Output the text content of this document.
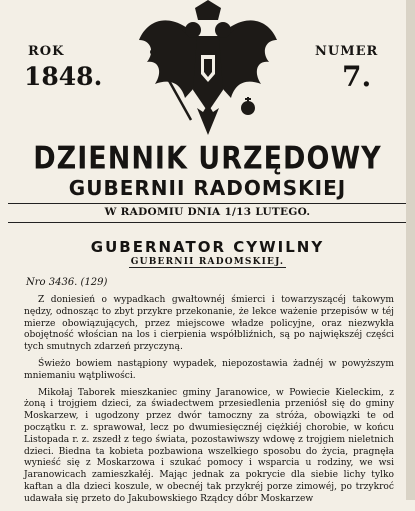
ROK
1848.
NUMER
7.
DZIENNIK URZĘDOWY
GUBERNII RADOMSKIEJ
W RADOMIU DNIA 1/13 LUTEGO.
GUBERNATOR CYWILNY
GUBERNII RADOMSKIEJ.
Nro 3436. (129)

Z doniesień o wypadkach gwałtownéj śmierci i towarzyszącéj takowym nędzy, odnosząc to zbyt przykre przekonanie, że lekce ważenie przepisów w téj mierze obowiązujących, przez miejscowe władze policyjne, oraz niezwykła obojętność włościan na los i cierpienia współbliźnich, są po największéj części tych smutnych zdarzeń przyczyną.

Świeżo bowiem nastąpiony wypadek, niepozostawia żadnéj w powyższym mniemaniu wątpliwości.

Mikołaj Taborek mieszkaniec gminy Jaranowice, w Powiecie Kieleckim, z żoną i trojgiem dzieci, za świadectwem przesiedlenia przeniósł się do gminy Moskarzew, i ugodzony przez dwór tamoczny za stróża, obowiązki te od początku r. z. sprawował, lecz po dwumiesięcznéj ciężkiéj chorobie, w końcu Listopada r. z. zszedł z tego świata, pozostawiwszy wdowę z trojgiem nieletnich dzieci. Biedna ta kobieta pozbawiona wszelkiego sposobu do życia, pragnęła wynieść się z Moskarzowa i szukać pomocy i wsparcia u rodziny, we wsi Jaranowicach zamieszkałéj. Mając jednak za pokrycie dla siebie lichy tylko kaftan a dla dzieci koszule, w obecnéj tak przykréj porze zimowéj, po trzykroć udawała się przeto do Jakubowskiego Rządcy dóbr Moskarzew
